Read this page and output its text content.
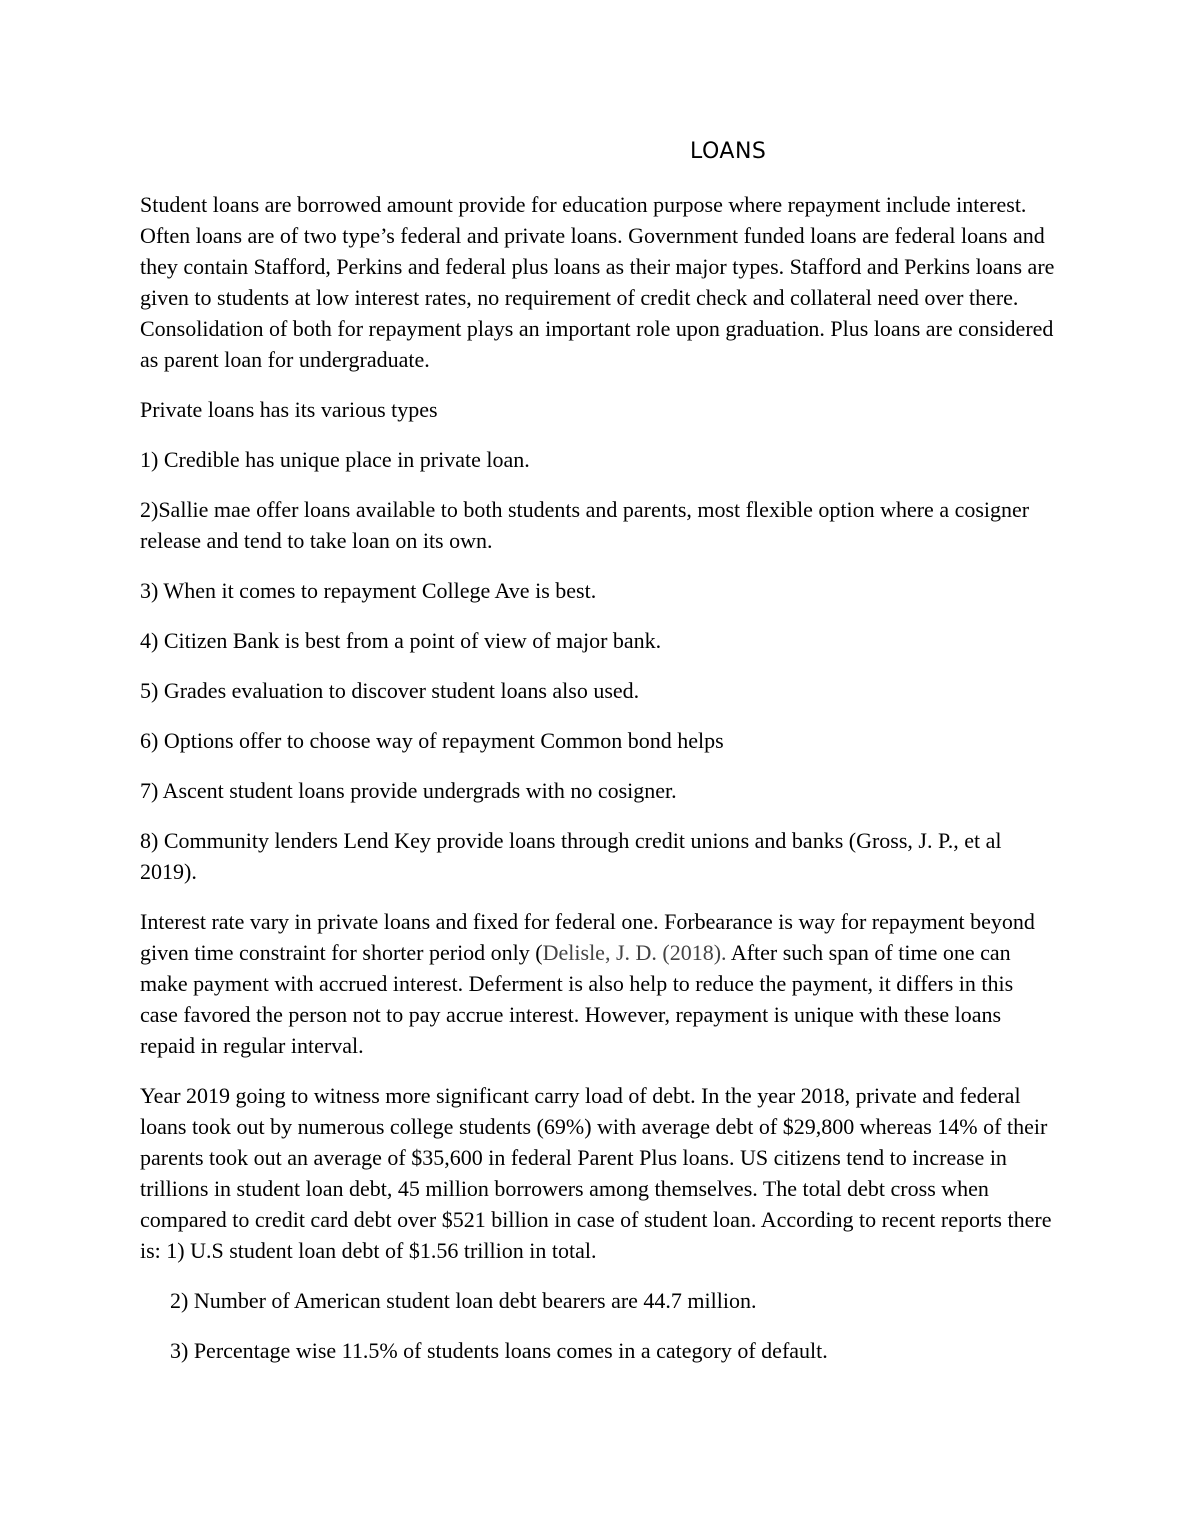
LOANS

Student loans are borrowed amount provide for education purpose where repayment include interest. Often loans are of two type’s federal and private loans. Government funded loans are federal loans and they contain Stafford, Perkins and federal plus loans as their major types. Stafford and Perkins loans are given to students at low interest rates, no requirement of credit check and collateral need over there. Consolidation of both for repayment plays an important role upon graduation. Plus loans are considered as parent loan for undergraduate.

Private loans has its various types

1) Credible has unique place in private loan.

2)Sallie mae offer loans available to both students and parents, most flexible option where a cosigner release and tend to take loan on its own.

3) When it comes to repayment College Ave is best.

4) Citizen Bank is best from a point of view of major bank.

5) Grades evaluation to discover student loans also used.

6) Options offer to choose way of repayment Common bond helps

7) Ascent student loans provide undergrads with no cosigner.

8) Community lenders Lend Key provide loans through credit unions and banks (Gross, J. P., et al 2019).

Interest rate vary in private loans and fixed for federal one. Forbearance is way for repayment beyond given time constraint for shorter period only (Delisle, J. D. (2018). After such span of time one can make payment with accrued interest. Deferment is also help to reduce the payment, it differs in this case favored the person not to pay accrue interest. However, repayment is unique with these loans repaid in regular interval.

Year 2019 going to witness more significant carry load of debt. In the year 2018, private and federal loans took out by numerous college students (69%) with average debt of $29,800 whereas 14% of their parents took out an average of $35,600 in federal Parent Plus loans. US citizens tend to increase in trillions in student loan debt, 45 million borrowers among themselves. The total debt cross when compared to credit card debt over $521 billion in case of student loan. According to recent reports there is: 1) U.S student loan debt of $1.56 trillion in total.

2) Number of American student loan debt bearers are 44.7 million.

3) Percentage wise 11.5% of students loans comes in a category of default.
